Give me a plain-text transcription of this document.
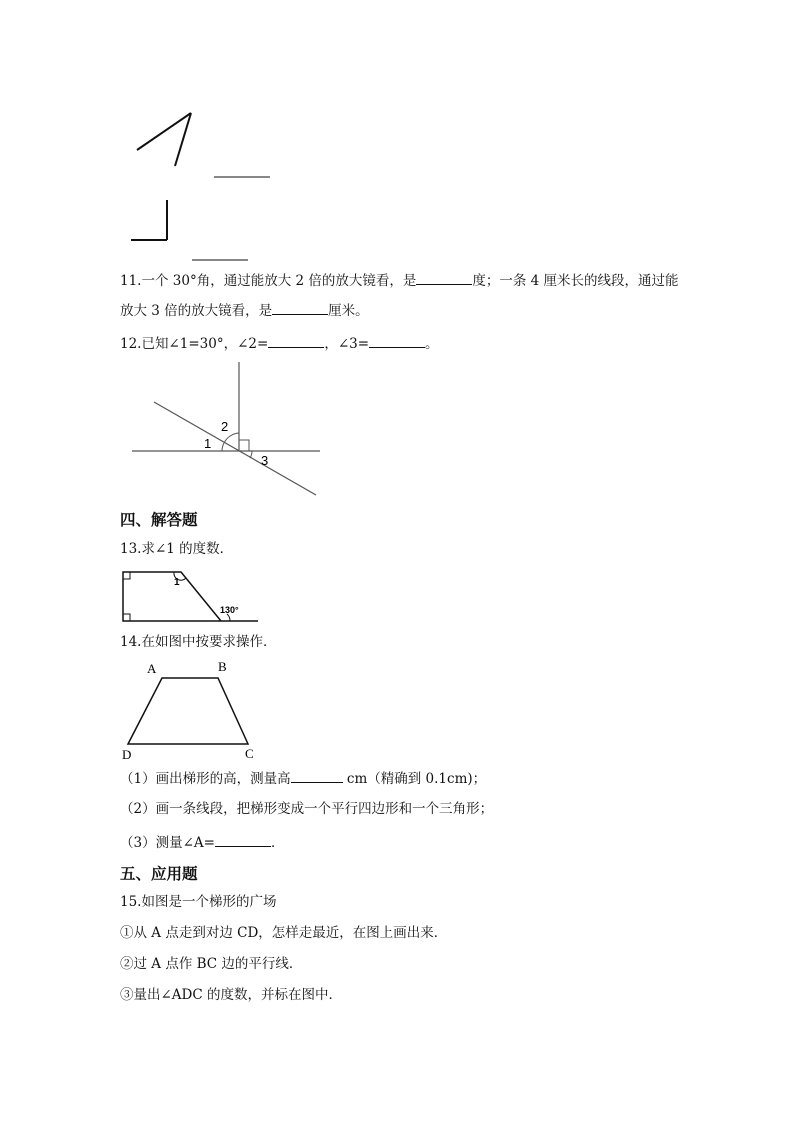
11.一个 30°角，通过能放大 2 倍的放大镜看，是	度；一条 4 厘米长的线段，通过能
放大 3 倍的放大镜看，是	厘米。
12.已知∠1=30°，∠2=	，∠3=	。
1
2
3
四、解答题
13.求∠1 的度数．
1
130°
14.在如图中按要求操作．
A	B
C
D
（1）画出梯形的高，测量高	cm（精确到 0.1cm)；
（2）画一条线段，把梯形变成一个平行四边形和一个三角形；
（3）测量∠A=	．
五、应用题
15.如图是一个梯形的广场
①从 A 点走到对边 CD，怎样走最近，在图上画出来．
②过 A 点作 BC 边的平行线．
③量出∠ADC 的度数，并标在图中．
